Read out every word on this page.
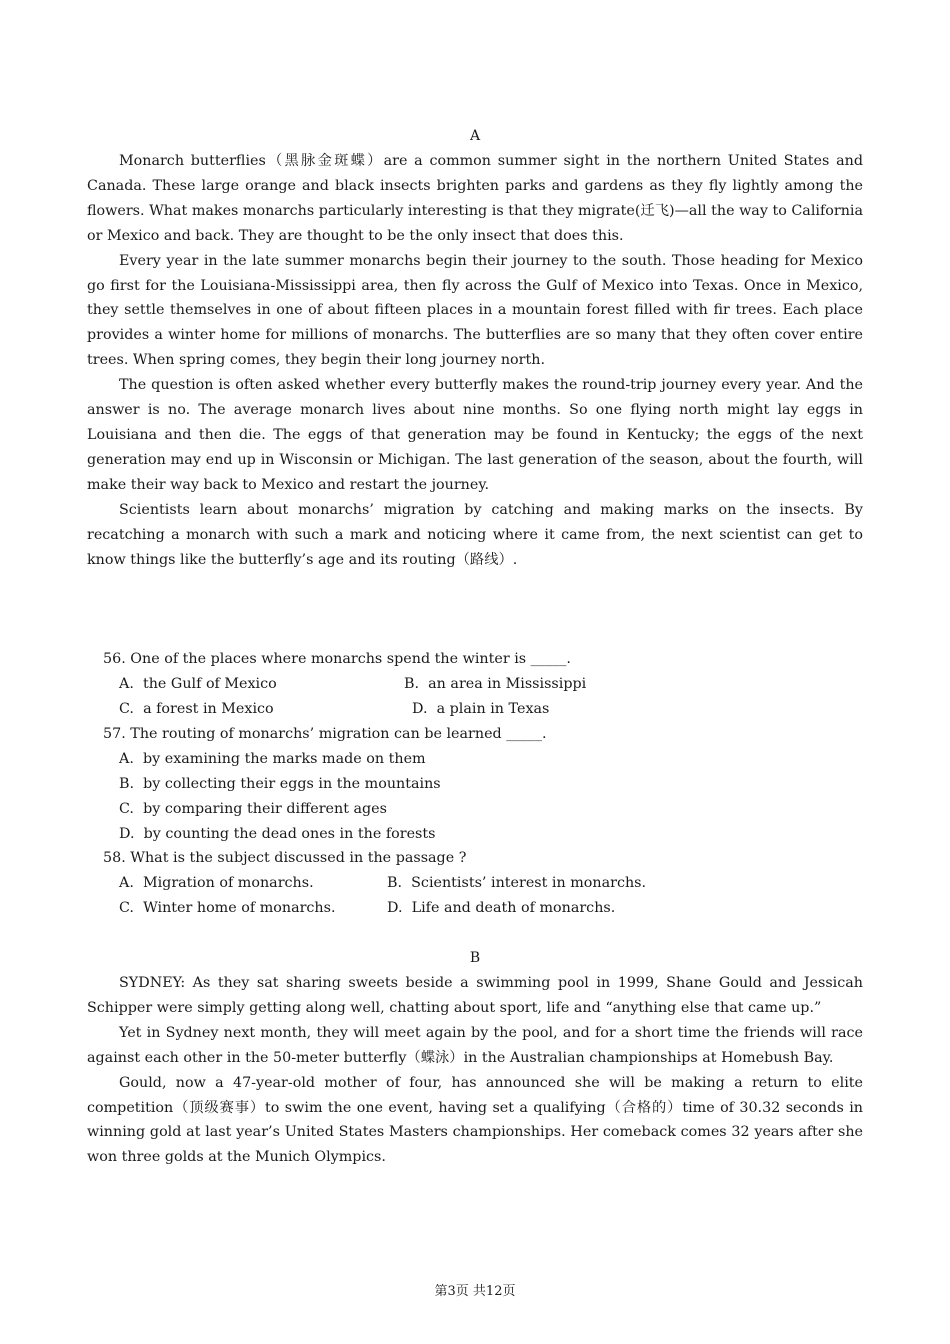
A

Monarch butterflies（黑脉金斑蝶）are a common summer sight in the northern United States and Canada. These large orange and black insects brighten parks and gardens as they fly lightly among the flowers. What makes monarchs particularly interesting is that they migrate(迁飞)—all the way to California or Mexico and back. They are thought to be the only insect that does this.

Every year in the late summer monarchs begin their journey to the south. Those heading for Mexico go first for the Louisiana-Mississippi area, then fly across the Gulf of Mexico into Texas. Once in Mexico, they settle themselves in one of about fifteen places in a mountain forest filled with fir trees. Each place provides a winter home for millions of monarchs. The butterflies are so many that they often cover entire trees. When spring comes, they begin their long journey north.

The question is often asked whether every butterfly makes the round-trip journey every year. And the answer is no. The average monarch lives about nine months. So one flying north might lay eggs in Louisiana and then die. The eggs of that generation may be found in Kentucky; the eggs of the next generation may end up in Wisconsin or Michigan. The last generation of the season, about the fourth, will make their way back to Mexico and restart the journey.

Scientists learn about monarchs’ migration by catching and making marks on the insects. By recatching a monarch with such a mark and noticing where it came from, the next scientist can get to know things like the butterfly’s age and its routing（路线）.

56. One of the places where monarchs spend the winter is _____.
A.  the Gulf of Mexico	B.  an area in Mississippi
C.  a forest in Mexico	D.  a plain in Texas
57. The routing of monarchs’ migration can be learned _____.
A.  by examining the marks made on them
B.  by collecting their eggs in the mountains
C.  by comparing their different ages
D.  by counting the dead ones in the forests
58. What is the subject discussed in the passage ?
A.  Migration of monarchs.	B.  Scientists’ interest in monarchs.
C.  Winter home of monarchs.	D.  Life and death of monarchs.
B

SYDNEY: As they sat sharing sweets beside a swimming pool in 1999, Shane Gould and Jessicah Schipper were simply getting along well, chatting about sport, life and “anything else that came up.”

Yet in Sydney next month, they will meet again by the pool, and for a short time the friends will race against each other in the 50-meter butterfly（蝶泳）in the Australian championships at Homebush Bay.

Gould, now a 47-year-old mother of four, has announced she will be making a return to elite competition（顶级赛事）to swim the one event, having set a qualifying（合格的）time of 30.32 seconds in winning gold at last year’s United States Masters championships. Her comeback comes 32 years after she won three golds at the Munich Olympics.

第3页 共12页
